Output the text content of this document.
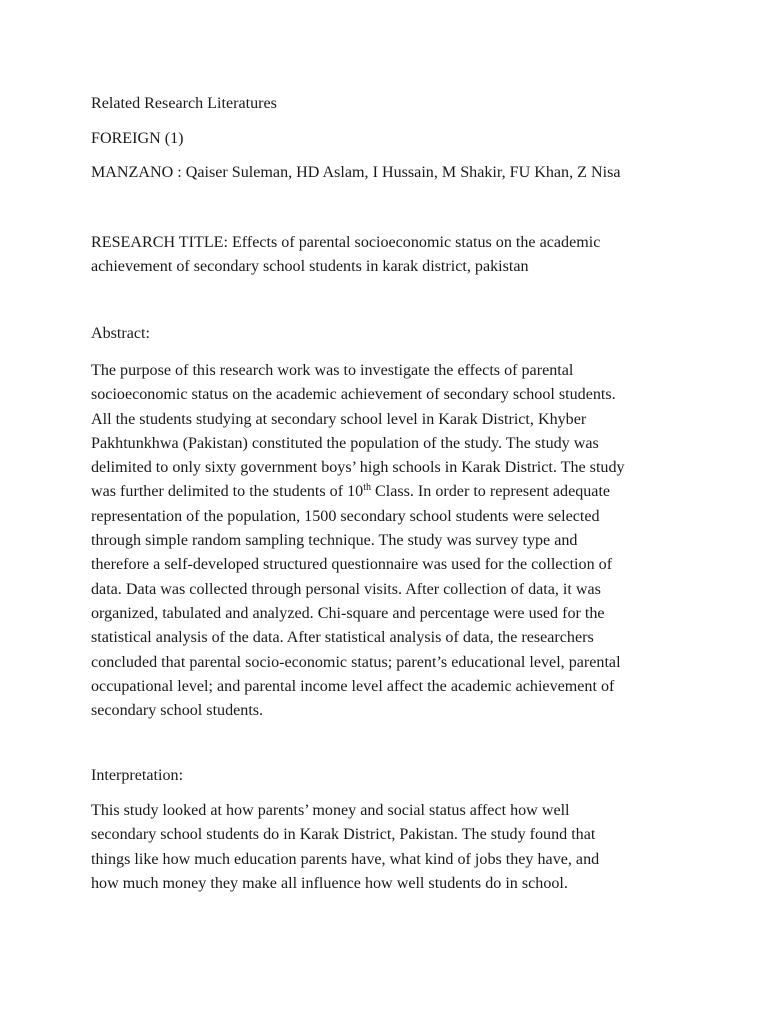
Related Research Literatures
FOREIGN (1)
MANZANO : Qaiser Suleman, HD Aslam, I Hussain, M Shakir, FU Khan, Z Nisa
RESEARCH TITLE: Effects of parental socioeconomic status on the academic
achievement of secondary school students in karak district, pakistan
Abstract:
The purpose of this research work was to investigate the effects of parental
socioeconomic status on the academic achievement of secondary school students.
All the students studying at secondary school level in Karak District, Khyber
Pakhtunkhwa (Pakistan) constituted the population of the study. The study was
delimited to only sixty government boys’ high schools in Karak District. The study
was further delimited to the students of 10th Class. In order to represent adequate
representation of the population, 1500 secondary school students were selected
through simple random sampling technique. The study was survey type and
therefore a self-developed structured questionnaire was used for the collection of
data. Data was collected through personal visits. After collection of data, it was
organized, tabulated and analyzed. Chi-square and percentage were used for the
statistical analysis of the data. After statistical analysis of data, the researchers
concluded that parental socio-economic status; parent’s educational level, parental
occupational level; and parental income level affect the academic achievement of
secondary school students.
Interpretation:
This study looked at how parents’ money and social status affect how well
secondary school students do in Karak District, Pakistan. The study found that
things like how much education parents have, what kind of jobs they have, and
how much money they make all influence how well students do in school.
